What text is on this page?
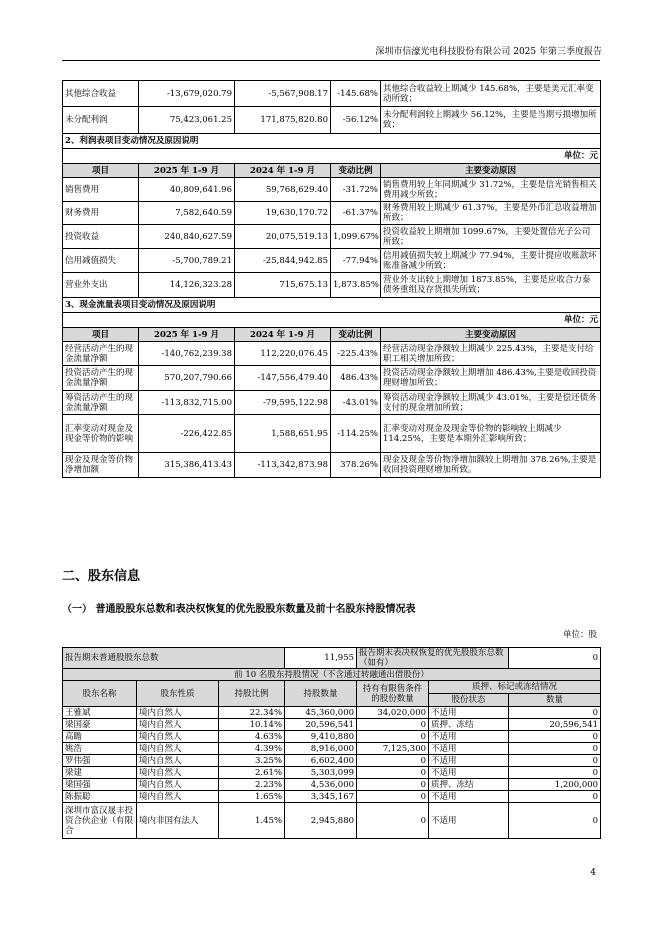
深圳市信濠光电科技股份有限公司 2025 年第三季度报告
其他综合收益	-13,679,020.79	-5,567,908.17	-145.68%	其他综合收益较上期减少 145.68%，主要是美元汇率变动所致；
未分配利润	75,423,061.25	171,875,820.80	-56.12%	未分配利润较上期减少 56.12%，主要是当期亏损增加所致；
2、利润表项目变动情况及原因说明				
单位：元				
项目	2025 年 1-9 月	2024 年 1-9 月	变动比例	主要变动原因
销售费用	40,809,641.96	59,768,629.40	-31.72%	销售费用较上年同期减少 31.72%，主要是信光销售相关费用减少所致；
财务费用	7,582,640.59	19,630,170.72	-61.37%	财务费用较上期减少 61.37%，主要是外币汇总收益增加所致；
投资收益	240,840,627.59	20,075,519.13	1,099.67%	投资收益较上期增加 1099.67%，主要处置信光子公司所致；
信用减值损失	-5,700,789.21	-25,844,942.85	-77.94%	信用减值损失较上期减少 77.94%，主要计提应收账款坏账准备减少所致；
营业外支出	14,126,323.28	715,675.13	1,873.85%	营业外支出较上期增加 1873.85%，主要是应收合力泰债务重组及存货损失所致；
3、现金流量表项目变动情况及原因说明				
单位：元				
项目	2025 年 1-9 月	2024 年 1-9 月	变动比例	主要变动原因
经营活动产生的现金流量净额	-140,762,239.38	112,220,076.45	-225.43%	经营活动现金净额较上期减少 225.43%，主要是支付给职工相关增加所致；
投资活动产生的现金流量净额	570,207,790.66	-147,556,479.40	486.43%	投资活动现金净额较上期增加 486.43%,主要是收回投资理财增加所致；
筹资活动产生的现金流量净额	-113,832,715.00	-79,595,122.98	-43.01%	筹资活动现金净额较上期减少 43.01%，主要是偿还债务支付的现金增加所致；
汇率变动对现金及现金等价物的影响	-226,422.85	1,588,651.95	-114.25%	汇率变动对现金及现金等价物的影响较上期减少 114.25%，主要是本期外汇影响所致；
现金及现金等价物净增加额	315,386,413.43	-113,342,873.98	378.26%	现金及现金等价物净增加额较上期增加 378.26%,主要是收回投资理财增加所致。
二、股东信息
（一） 普通股股东总数和表决权恢复的优先股股东数量及前十名股东持股情况表
单位：股
报告期末普通股股东总数			11,955	报告期末表决权恢复的优先股股东总数（如有）		0
前 10 名股东持股情况（不含通过转融通出借股份）						
股东名称	股东性质	持股比例	持股数量	持有有限售条件的股份数量	质押、标记或冻结情况	
					股份状态	数量
王雅斌	境内自然人	22.34%	45,360,000	34,020,000	不适用	0
梁国豪	境内自然人	10.14%	20,596,541	0	质押、冻结	20,596,541
高瞻	境内自然人	4.63%	9,410,880	0	不适用	0
姚浩	境内自然人	4.39%	8,916,000	7,125,300	不适用	0
罗伟强	境内自然人	3.25%	6,602,400	0	不适用	0
梁建	境内自然人	2.61%	5,303,099	0	不适用	0
梁国强	境内自然人	2.23%	4,536,000	0	质押、冻结	1,200,000
陈振聪	境内自然人	1.65%	3,345,167	0	不适用	0
深圳市富汉晟丰投资合伙企业（有限合	境内非国有法人	1.45%	2,945,880	0	不适用	0
4
